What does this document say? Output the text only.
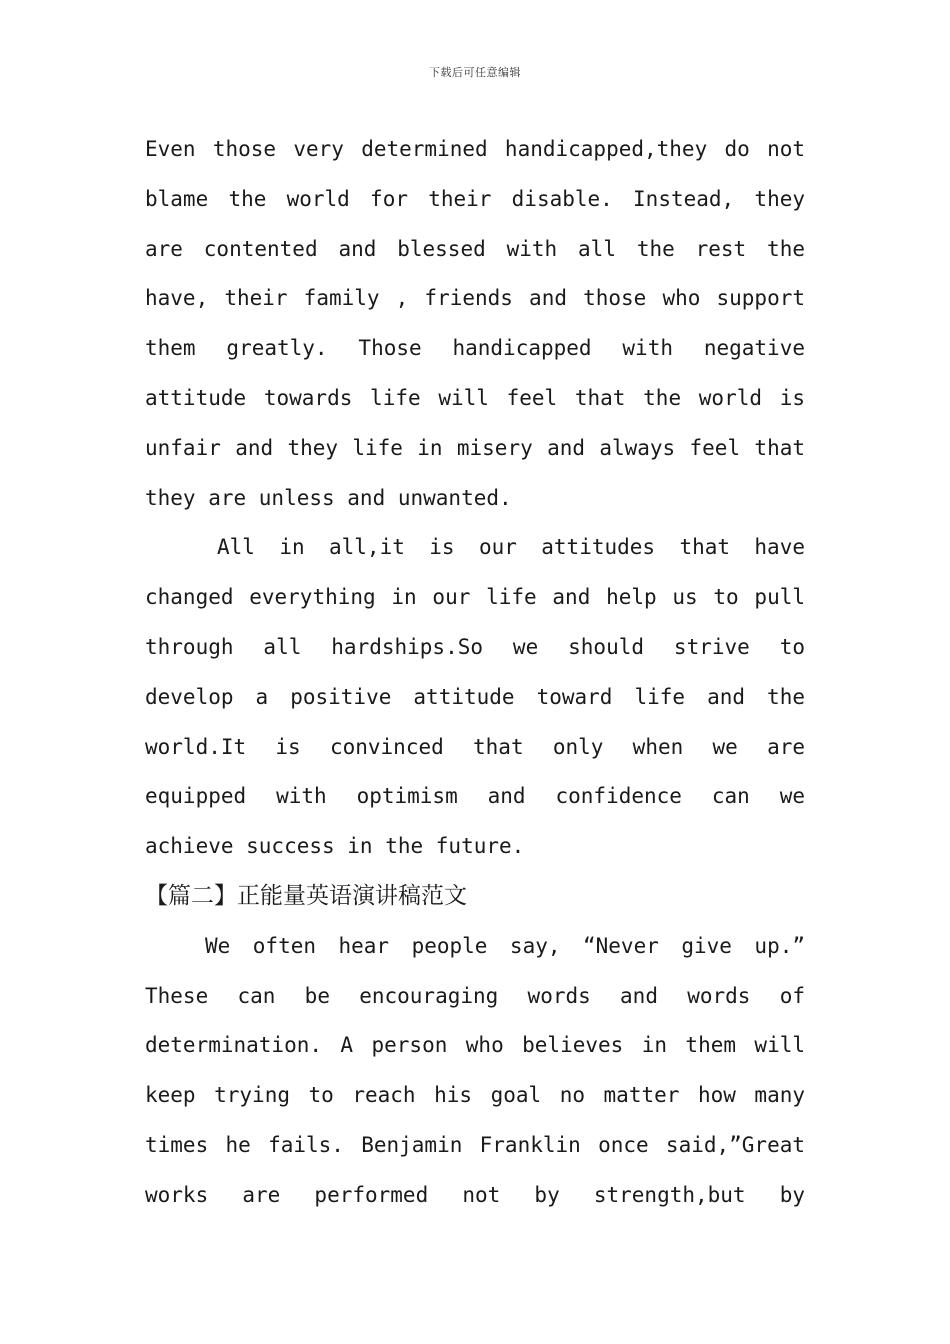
下载后可任意编辑
Even those very determined handicapped,they do not
blame the world for their disable. Instead, they
are contented and blessed with all the rest the
have, their family , friends and those who support
them greatly. Those handicapped with negative
attitude towards life will feel that the world is
unfair and they life in misery and always feel that
they are unless and unwanted.
All in all,it is our attitudes that have
changed everything in our life and help us to pull
through all hardships.So we should strive to
develop a positive attitude toward life and the
world.It is convinced that only when we are
equipped with optimism and confidence can we
achieve success in the future.
【篇二】正能量英语演讲稿范文
We often hear people say, “Never give up.”
These can be encouraging words and words of
determination. A person who believes in them will
keep trying to reach his goal no matter how many
times he fails. Benjamin Franklin once said,”Great
works are performed not by strength,but by
